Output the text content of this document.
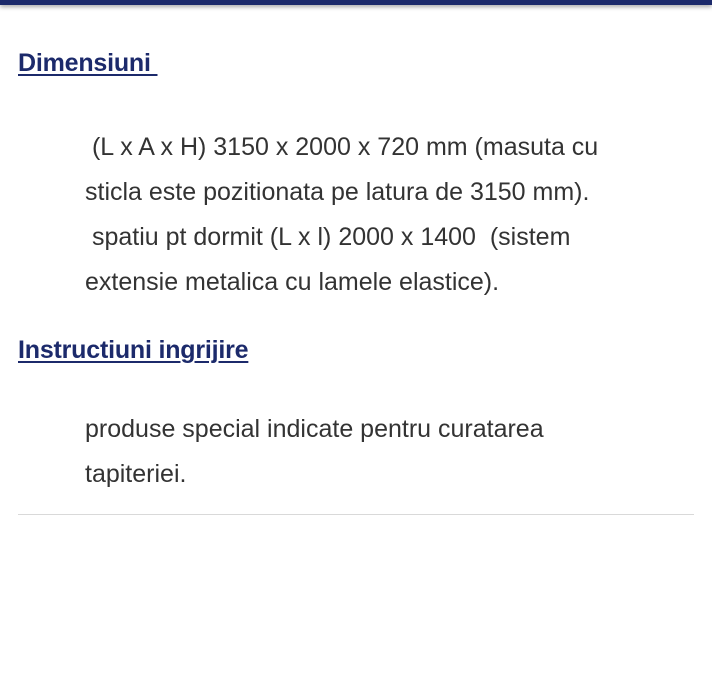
Dimensiuni

(L x A x H) 3150 x 2000 x 720 mm (masuta cu

sticla este pozitionata pe latura de 3150 mm).

spatiu pt dormit (L x l) 2000 x 1400  (sistem

extensie metalica cu lamele elastice).

Instructiuni ingrijire

produse special indicate pentru curatarea

tapiteriei.
